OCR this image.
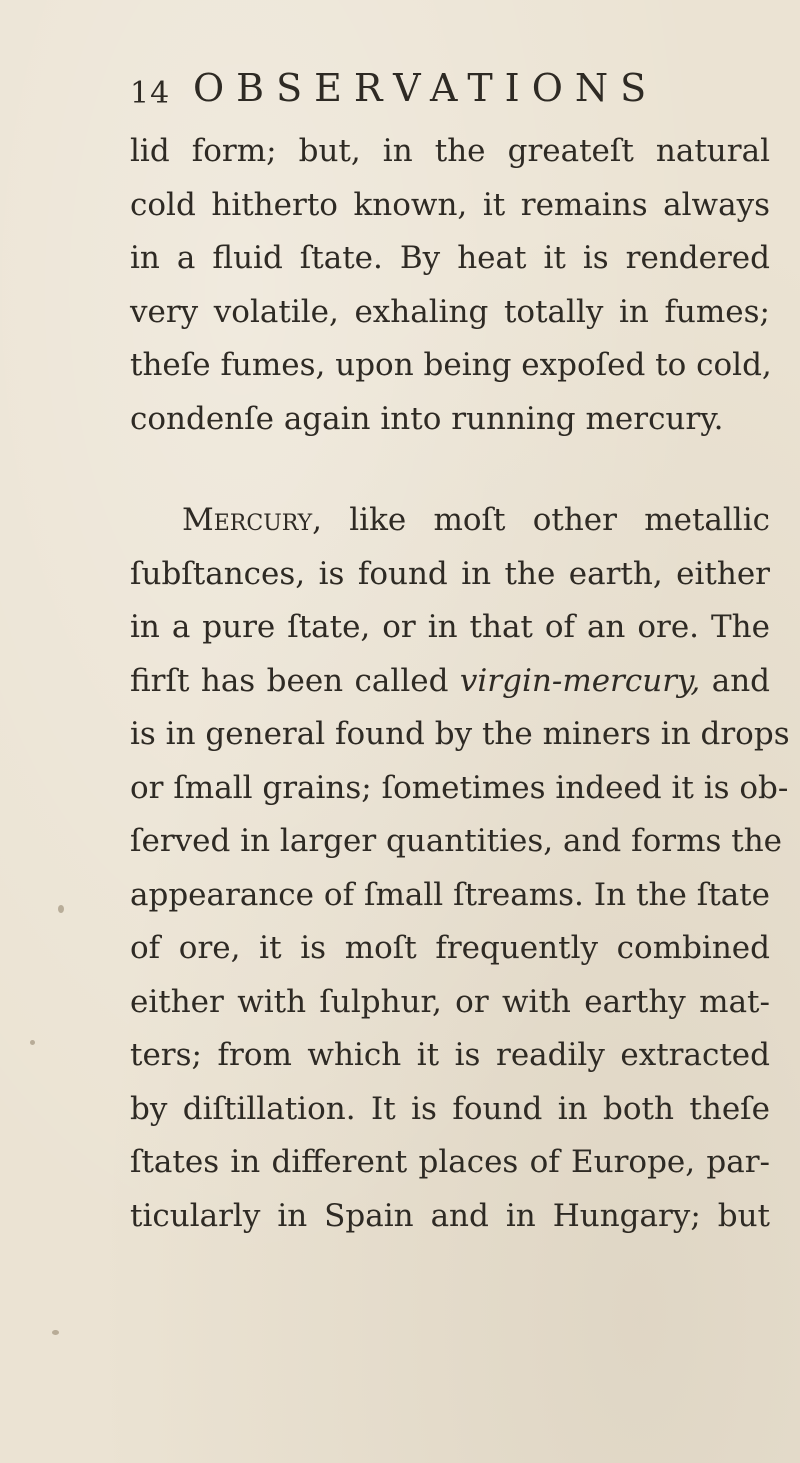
14 OBSERVATIONS
lid form; but, in the greateſt natural
cold hitherto known, it remains always
in a fluid ſtate. By heat it is rendered
very volatile, exhaling totally in fumes;
theſe fumes, upon being expoſed to cold,
condenſe again into running mercury.
Mercury, like moſt other metallic
ſubſtances, is found in the earth, either
in a pure ſtate, or in that of an ore. The
firſt has been called virgin-mercury, and
is in general found by the miners in drops
or ſmall grains; ſometimes indeed it is ob-
ſerved in larger quantities, and forms the
appearance of ſmall ſtreams. In the ſtate
of ore, it is moſt frequently combined
either with ſulphur, or with earthy mat-
ters; from which it is readily extracted
by diſtillation. It is found in both theſe
ſtates in different places of Europe, par-
ticularly in Spain and in Hungary; but
